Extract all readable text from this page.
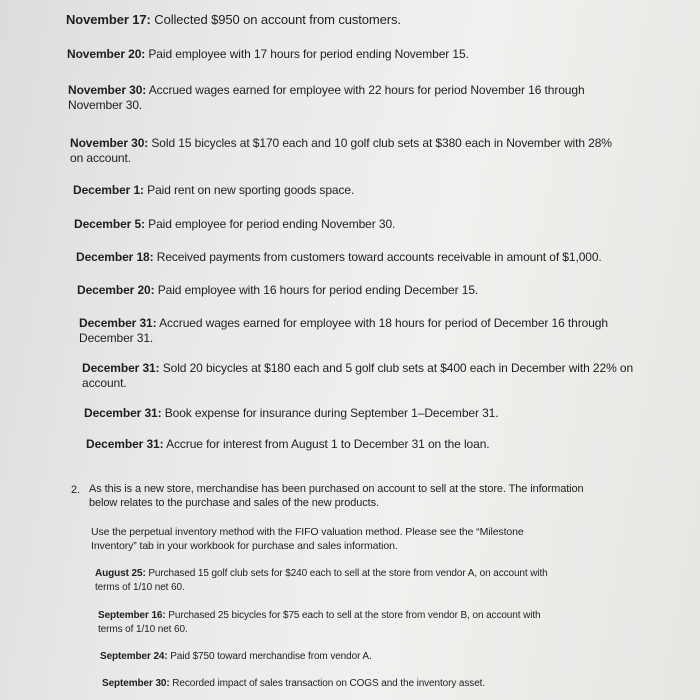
November 17: Collected $950 on account from customers.
November 20: Paid employee with 17 hours for period ending November 15.
November 30: Accrued wages earned for employee with 22 hours for period November 16 through
November 30.
November 30: Sold 15 bicycles at $170 each and 10 golf club sets at $380 each in November with 28%
on account.
December 1: Paid rent on new sporting goods space.
December 5: Paid employee for period ending November 30.
December 18: Received payments from customers toward accounts receivable in amount of $1,000.
December 20: Paid employee with 16 hours for period ending December 15.
December 31: Accrued wages earned for employee with 18 hours for period of December 16 through
December 31.
December 31: Sold 20 bicycles at $180 each and 5 golf club sets at $400 each in December with 22% on
account.
December 31: Book expense for insurance during September 1–December 31.
December 31: Accrue for interest from August 1 to December 31 on the loan.
2. As this is a new store, merchandise has been purchased on account to sell at the store. The information
below relates to the purchase and sales of the new products.
Use the perpetual inventory method with the FIFO valuation method. Please see the “Milestone
Inventory” tab in your workbook for purchase and sales information.
August 25: Purchased 15 golf club sets for $240 each to sell at the store from vendor A, on account with
terms of 1/10 net 60.
September 16: Purchased 25 bicycles for $75 each to sell at the store from vendor B, on account with
terms of 1/10 net 60.
September 24: Paid $750 toward merchandise from vendor A.
September 30: Recorded impact of sales transaction on COGS and the inventory asset.
